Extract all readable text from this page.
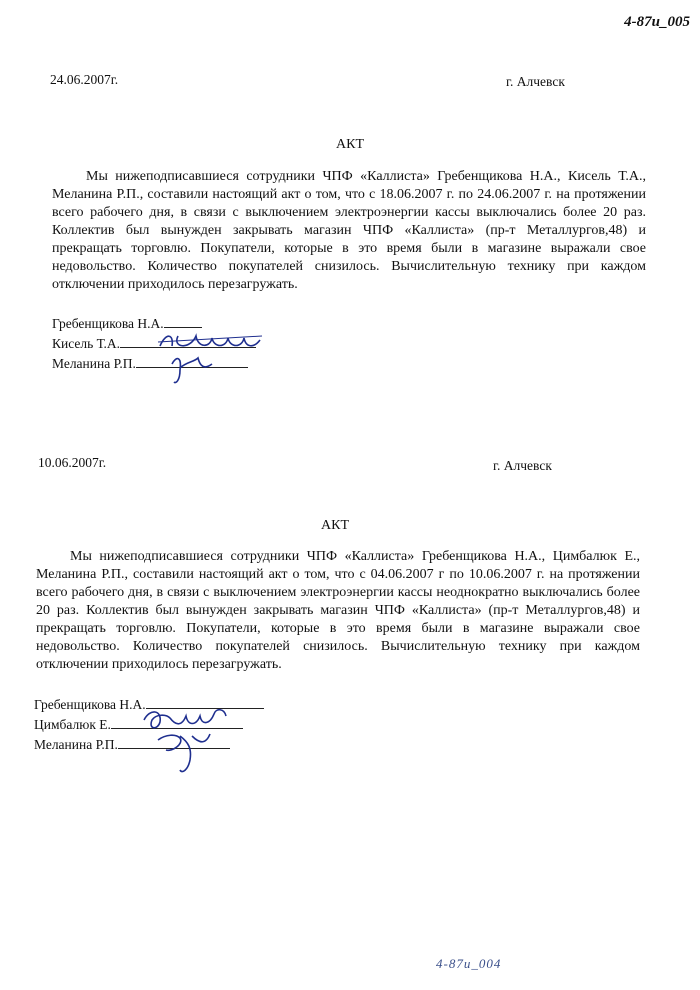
4-87и_005
24.06.2007г.	г. Алчевск
АКТ

Мы нижеподписавшиеся сотрудники ЧПФ «Каллиста» Гребенщикова Н.А., Кисель Т.А., Меланина Р.П., составили настоящий акт о том, что с 18.06.2007 г. по 24.06.2007 г. на протяжении всего рабочего дня, в связи с выключением электроэнергии кассы выключались более 20 раз. Коллектив был вынужден закрывать магазин ЧПФ «Каллиста» (пр-т Металлургов,48) и прекращать торговлю. Покупатели, которые в это время были в магазине выражали свое недовольство. Количество покупателей снизилось. Вычислительную технику при каждом отключении приходилось перезагружать.

Гребенщикова Н.А.
Кисель Т.А.
Меланина Р.П.
10.06.2007г.	г. Алчевск
АКТ

Мы нижеподписавшиеся сотрудники ЧПФ «Каллиста» Гребенщикова Н.А., Цимбалюк Е., Меланина Р.П., составили настоящий акт о том, что с 04.06.2007 г по 10.06.2007 г. на протяжении всего рабочего дня, в связи с выключением электроэнергии кассы неоднократно выключались более 20 раз. Коллектив был вынужден закрывать магазин ЧПФ «Каллиста» (пр-т Металлургов,48) и прекращать торговлю. Покупатели, которые в это время были в магазине выражали свое недовольство. Количество покупателей снизилось. Вычислительную технику при каждом отключении приходилось перезагружать.

Гребенщикова Н.А.
Цимбалюк Е.
Меланина Р.П.
4-87и_004
